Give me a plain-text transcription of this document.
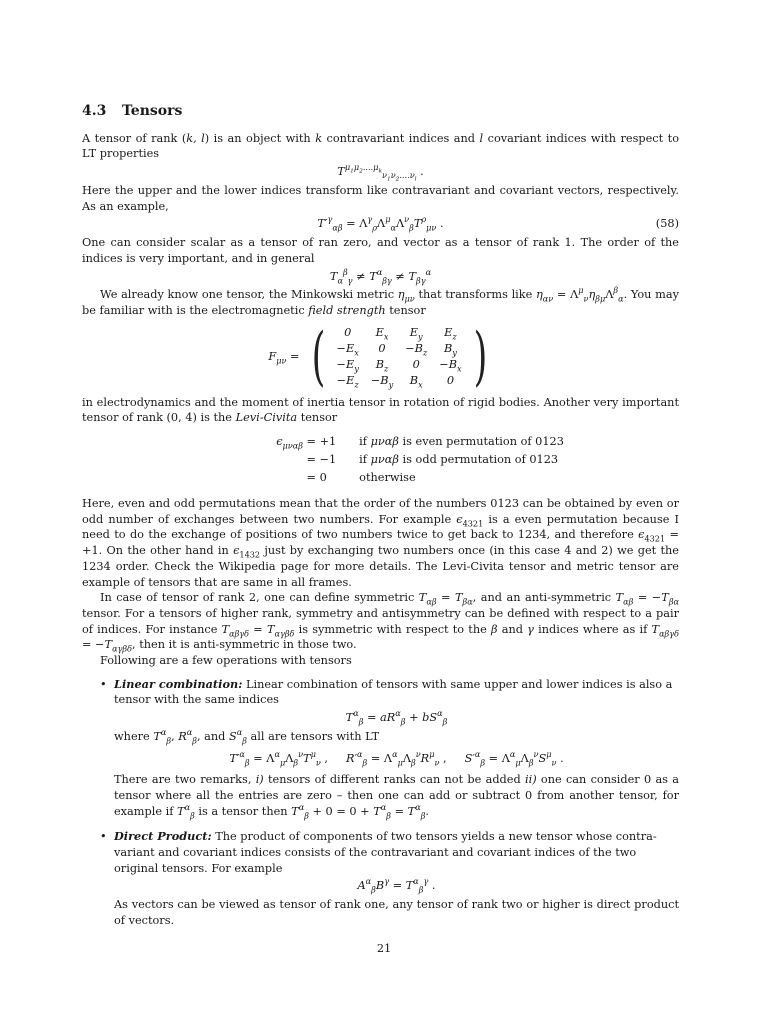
4.3 Tensors

A tensor of rank (k, l) is an object with k contravariant indices and l covariant indices with respect to LT properties

$T^{\mu_1\mu_2....\mu_k}_{\nu_1\nu_2....\nu_l}$ .

Here the upper and the lower indices transform like contravariant and covariant vectors, respectively. As an example,

$T'^\gamma_{\alpha\beta} = \Lambda^\gamma_\rho\Lambda^\mu_\alpha\Lambda^\nu_\beta T^\rho_{\mu\nu}$ .	(58)

One can consider scalar as a tensor of ran zero, and vector as a tensor of rank 1. The order of the indices is very important, and in general

$T_\alpha^\beta_\gamma \ne T^\alpha_{\beta\gamma} \ne T_{\beta\gamma}^\alpha$

We already know one tensor, the Minkowski metric $\eta_{\mu\nu}$ that transforms like $\eta_{\alpha\nu} = \Lambda^\mu_\nu\eta_{\beta\mu}\Lambda^\beta_\alpha$. You may be familiar with is the electromagnetic field strength tensor

$F_{\mu\nu}$ = ( 0	$E_x$	$E_y$	$E_z$
$-E_x$	0	$-B_z$	$B_y$
$-E_y$	$B_z$	0	$-B_x$
$-E_z$	$-B_y$	$B_x$	0 )

in electrodynamics and the moment of inertia tensor in rotation of rigid bodies. Another very important tensor of rank (0, 4) is the Levi-Civita tensor

$\epsilon_{\mu\nu\alpha\beta} = +1$ if μναβ is even permutation of 0123
= −1 if μναβ is odd permutation of 0123
= 0	otherwise

Here, even and odd permutations mean that the order of the numbers 0123 can be obtained by even or odd number of exchanges between two numbers. For example $\epsilon_{4321}$ is a even permutation because I need to do the exchange of positions of two numbers twice to get back to 1234, and therefore $\epsilon_{4321} = +1$. On the other hand in $\epsilon_{1432}$ just by exchanging two numbers once (in this case 4 and 2) we get the 1234 order. Check the Wikipedia page for more details. The Levi-Civita tensor and metric tensor are example of tensors that are same in all frames.

In case of tensor of rank 2, one can define symmetric $T_{\alpha\beta} = T_{\beta\alpha}$, and an anti-symmetric $T_{\alpha\beta} = -T_{\beta\alpha}$ tensor. For a tensors of higher rank, symmetry and antisymmetry can be defined with respect to a pair of indices. For instance $T_{\alpha\beta\gamma\delta} = T_{\alpha\gamma\beta\delta}$ is symmetric with respect to the β and γ indices where as if $T_{\alpha\beta\gamma\delta} = -T_{\alpha\gamma\beta\delta}$, then it is anti-symmetric in those two.

Following are a few operations with tensors

• Linear combination: Linear combination of tensors with same upper and lower indices is also a tensor with the same indices
$T^\alpha_\beta = aR^\alpha_\beta + bS^\alpha_\beta$
where $T^\alpha_\beta$, $R^\alpha_\beta$, and $S^\alpha_\beta$ all are tensors with LT
$T'^\alpha_\beta = \Lambda^\alpha_\mu\Lambda_\beta^\nu T^\mu_\nu$ ,     $R'^\alpha_\beta = \Lambda^\alpha_\mu\Lambda_\beta^\nu R^\mu_\nu$ ,     $S'^\alpha_\beta = \Lambda^\alpha_\mu\Lambda_\beta^\nu S^\mu_\nu$ .

There are two remarks, i) tensors of different ranks can not be added ii) one can consider 0 as a tensor where all the entries are zero – then one can add or subtract 0 from another tensor, for example if $T^\alpha_\beta$ is a tensor then $T^\alpha_\beta + 0 = 0 + T^\alpha_\beta = T^\alpha_\beta$.

• Direct Product: The product of components of two tensors yields a new tensor whose contra-variant and covariant indices consists of the contravariant and covariant indices of the two original tensors. For example
$A^\alpha_\beta B^\gamma = T^\alpha_\beta^\gamma$ .

As vectors can be viewed as tensor of rank one, any tensor of rank two or higher is direct product of vectors.

21
